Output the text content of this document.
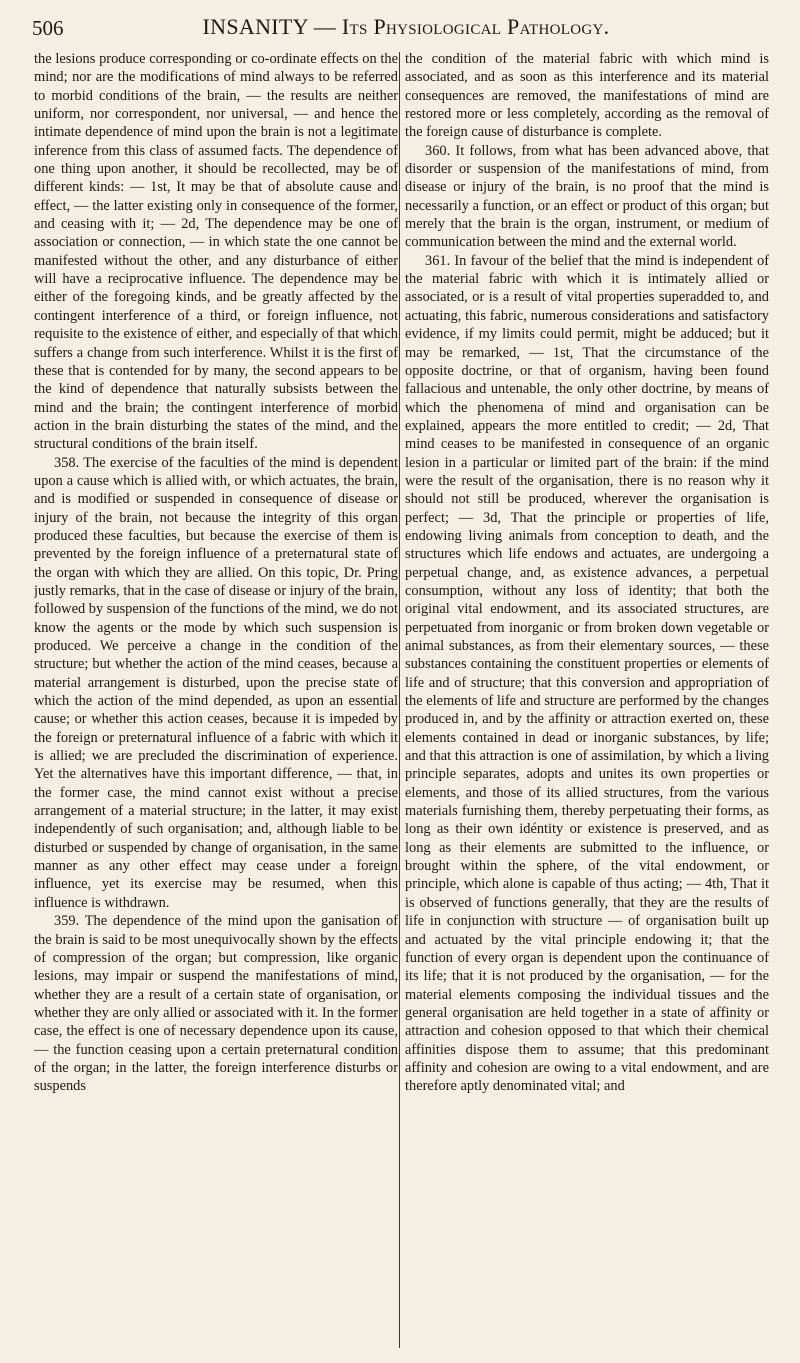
506	INSANITY — Its Physiological Pathology.

the lesions produce corresponding or co-ordinate effects on the mind; nor are the modifications of mind always to be referred to morbid conditions of the brain, — the results are neither uniform, nor correspondent, nor universal, — and hence the intimate dependence of mind upon the brain is not a legitimate inference from this class of assumed facts. The dependence of one thing upon another, it should be recollected, may be of different kinds: — 1st, It may be that of absolute cause and effect, — the latter existing only in consequence of the former, and ceasing with it; — 2d, The dependence may be one of association or connection, — in which state the one cannot be manifested without the other, and any disturbance of either will have a reciprocative influence. The dependence may be either of the foregoing kinds, and be greatly affected by the contingent interference of a third, or foreign influence, not requisite to the existence of either, and especially of that which suffers a change from such interference. Whilst it is the first of these that is contended for by many, the second appears to be the kind of dependence that naturally subsists between the mind and the brain; the contingent interference of morbid action in the brain disturbing the states of the mind, and the structural conditions of the brain itself.

358. The exercise of the faculties of the mind is dependent upon a cause which is allied with, or which actuates, the brain, and is modified or suspended in consequence of disease or injury of the brain, not because the integrity of this organ produced these faculties, but because the exercise of them is prevented by the foreign influence of a preternatural state of the organ with which they are allied. On this topic, Dr. Pring justly remarks, that in the case of disease or injury of the brain, followed by suspension of the functions of the mind, we do not know the agents or the mode by which such suspension is produced. We perceive a change in the condition of the structure; but whether the action of the mind ceases, because a material arrangement is disturbed, upon the precise state of which the action of the mind depended, as upon an essential cause; or whether this action ceases, because it is impeded by the foreign or preternatural influence of a fabric with which it is allied; we are precluded the discrimination of experience. Yet the alternatives have this important difference, — that, in the former case, the mind cannot exist without a precise arrangement of a material structure; in the latter, it may exist independently of such organisation; and, although liable to be disturbed or suspended by change of organisation, in the same manner as any other effect may cease under a foreign influence, yet its exercise may be resumed, when this influence is withdrawn.

359. The dependence of the mind upon the ganisation of the brain is said to be most unequivocally shown by the effects of compression of the organ; but compression, like organic lesions, may impair or suspend the manifestations of mind, whether they are a result of a certain state of organisation, or whether they are only allied or associated with it. In the former case, the effect is one of necessary dependence upon its cause, — the function ceasing upon a certain preternatural condition of the organ; in the latter, the foreign interference disturbs or suspends

the condition of the material fabric with which mind is associated, and as soon as this interference and its material consequences are removed, the manifestations of mind are restored more or less completely, according as the removal of the foreign cause of disturbance is complete.

360. It follows, from what has been advanced above, that disorder or suspension of the manifestations of mind, from disease or injury of the brain, is no proof that the mind is necessarily a function, or an effect or product of this organ; but merely that the brain is the organ, instrument, or medium of communication between the mind and the external world.

361. In favour of the belief that the mind is independent of the material fabric with which it is intimately allied or associated, or is a result of vital properties superadded to, and actuating, this fabric, numerous considerations and satisfactory evidence, if my limits could permit, might be adduced; but it may be remarked, — 1st, That the circumstance of the opposite doctrine, or that of organism, having been found fallacious and untenable, the only other doctrine, by means of which the phenomena of mind and organisation can be explained, appears the more entitled to credit; — 2d, That mind ceases to be manifested in consequence of an organic lesion in a particular or limited part of the brain: if the mind were the result of the organisation, there is no reason why it should not still be produced, wherever the organisation is perfect; — 3d, That the principle or properties of life, endowing living animals from conception to death, and the structures which life endows and actuates, are undergoing a perpetual change, and, as existence advances, a perpetual consumption, without any loss of identity; that both the original vital endowment, and its associated structures, are perpetuated from inorganic or from broken down vegetable or animal substances, as from their elementary sources, — these substances containing the constituent properties or elements of life and of structure; that this conversion and appropriation of the elements of life and structure are performed by the changes produced in, and by the affinity or attraction exerted on, these elements contained in dead or inorganic substances, by life; and that this attraction is one of assimilation, by which a living principle separates, adopts and unites its own properties or elements, and those of its allied structures, from the various materials furnishing them, thereby perpetuating their forms, as long as their own idéntity or existence is preserved, and as long as their elements are submitted to the influence, or brought within the sphere, of the vital endowment, or principle, which alone is capable of thus acting; — 4th, That it is observed of functions generally, that they are the results of life in conjunction with structure — of organisation built up and actuated by the vital principle endowing it; that the function of every organ is dependent upon the continuance of its life; that it is not produced by the organisation, — for the material elements composing the individual tissues and the general organisation are held together in a state of affinity or attraction and cohesion opposed to that which their chemical affinities dispose them to assume; that this predominant affinity and cohesion are owing to a vital endowment, and are therefore aptly denominated vital; and
